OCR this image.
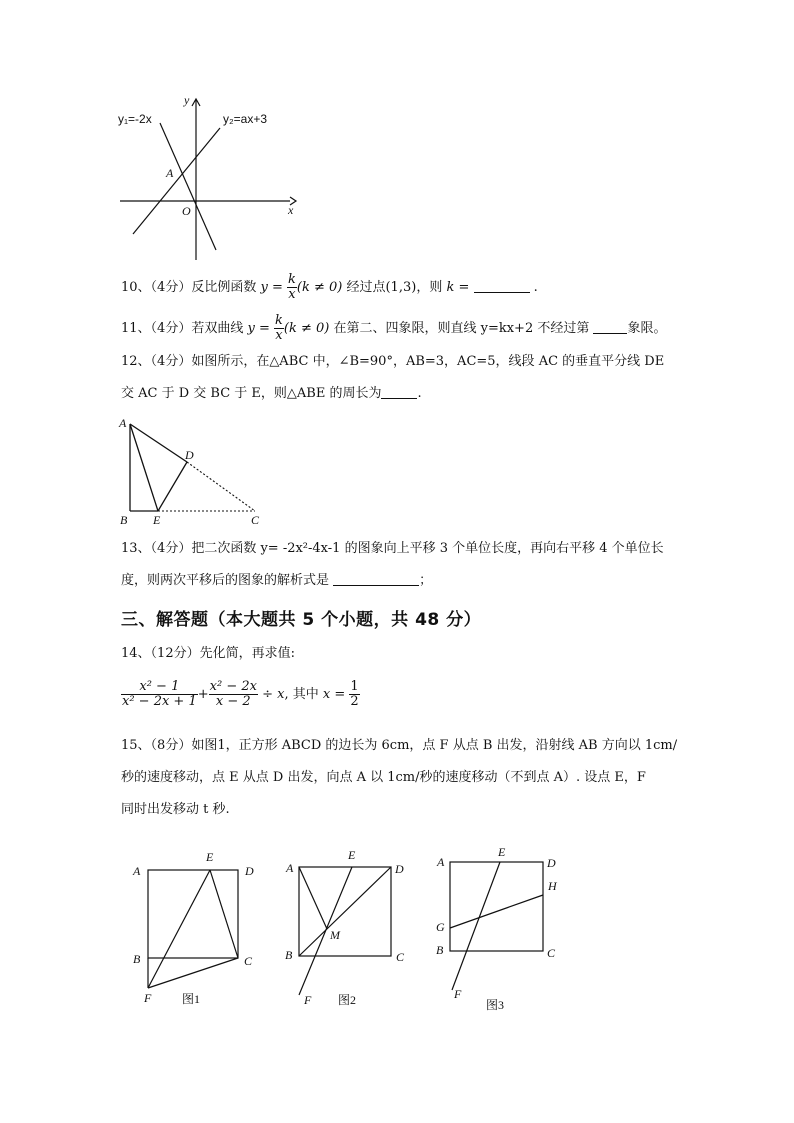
y
x
O
A
y₁=-2x	y₂=ax+3
10、（4分）反比例函数 $y = \frac{k}{x} (k \ne 0)$ 经过点(1,3)，则 k =	.
11、（4分）若双曲线 $y = \frac{k}{x} (k \ne 0)$ 在第二、四象限，则直线 y=kx+2 不经过第	象限。
12、（4分）如图所示，在△ABC 中，∠B=90°，AB=3，AC=5，线段 AC 的垂直平分线 DE
交 AC 于 D 交 BC 于 E，则△ABE 的周长为	.
A
B E	C
D
13、（4分）把二次函数 y= -2x²-4x-1 的图象向上平移 3 个单位长度，再向右平移 4 个单位长
度，则两次平移后的图象的解析式是	；
三、解答题（本大题共 5 个小题，共 48 分）
14、（12分）先化简，再求值:
$\frac{\text{x² − 1}}{\text{x² − 2x + 1}} + \frac{\text{x² − 2x}}{x - 2} \div x$, 其中 $x = \frac{1}{2}$
15、（8分）如图1，正方形 ABCD 的边长为 6cm，点 F 从点 B 出发，沿射线 AB 方向以 1cm/
秒的速度移动，点 E 从点 D 出发，向点 A 以 1cm/秒的速度移动（不到点 A）. 设点 E，F
同时出发移动 t 秒.
A
E
D
B	C
F	图1
A
E
D
M
B	C
F 图2
A
E
D
H
G
B	C
F
图3
